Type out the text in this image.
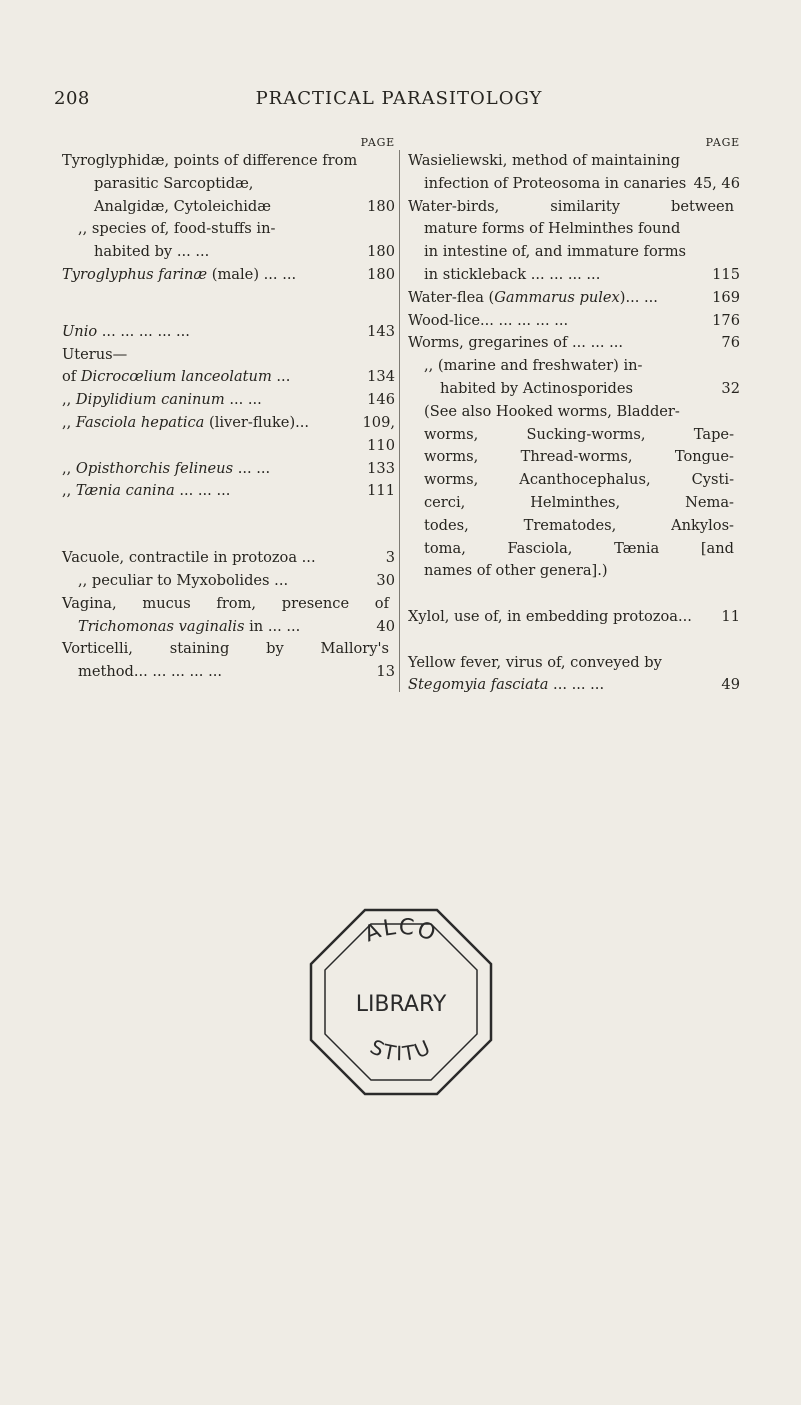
208	PRACTICAL PARASITOLOGY
PAGE
Tyroglyphidæ, points of difference from
parasitic Sarcoptidæ,
Analgidæ, Cytoleichidæ	180
,, species of, food-stuffs in-
habited by ... ...	180
Tyroglyphus farinæ (male) ... ...	180
Unio ... ... ... ... ...	143
Uterus—
of Dicrocœlium lanceolatum ...	134
,, Dipylidium caninum ... ...	146
,, Fasciola hepatica (liver-fluke)...	109,
110
,, Opisthorchis felineus ... ...	133
,, Tænia canina ... ... ...	111
Vacuole, contractile in protozoa ...	3
,, peculiar to Myxobolides ...	30
Vagina, mucus from, presence of
Trichomonas vaginalis in ... ...	40
Vorticelli, staining by Mallory's
method... ... ... ... ...	13
PAGE
Wasieliewski, method of maintaining
infection of Proteosoma in canaries 45, 46
Water-birds, similarity between
mature forms of Helminthes found
in intestine of, and immature forms
in stickleback ... ... ... ...	115
Water-flea (Gammarus pulex)... ...	169
Wood-lice... ... ... ... ...	176
Worms, gregarines of ... ... ...	76
,, (marine and freshwater) in-
habited by Actinosporides	32
(See also Hooked worms, Bladder-
worms, Sucking-worms, Tape-
worms, Thread-worms, Tongue-
worms, Acanthocephalus, Cysti-
cerci, Helminthes, Nema-
todes, Trematodes, Ankylos-
toma, Fasciola, Tænia [and
names of other genera].)
Xylol, use of, in embedding protozoa...	11
Yellow fever, virus of, conveyed by
Stegomyia fasciata ... ... ...	49
ALCO
LIBRARY
STITU
